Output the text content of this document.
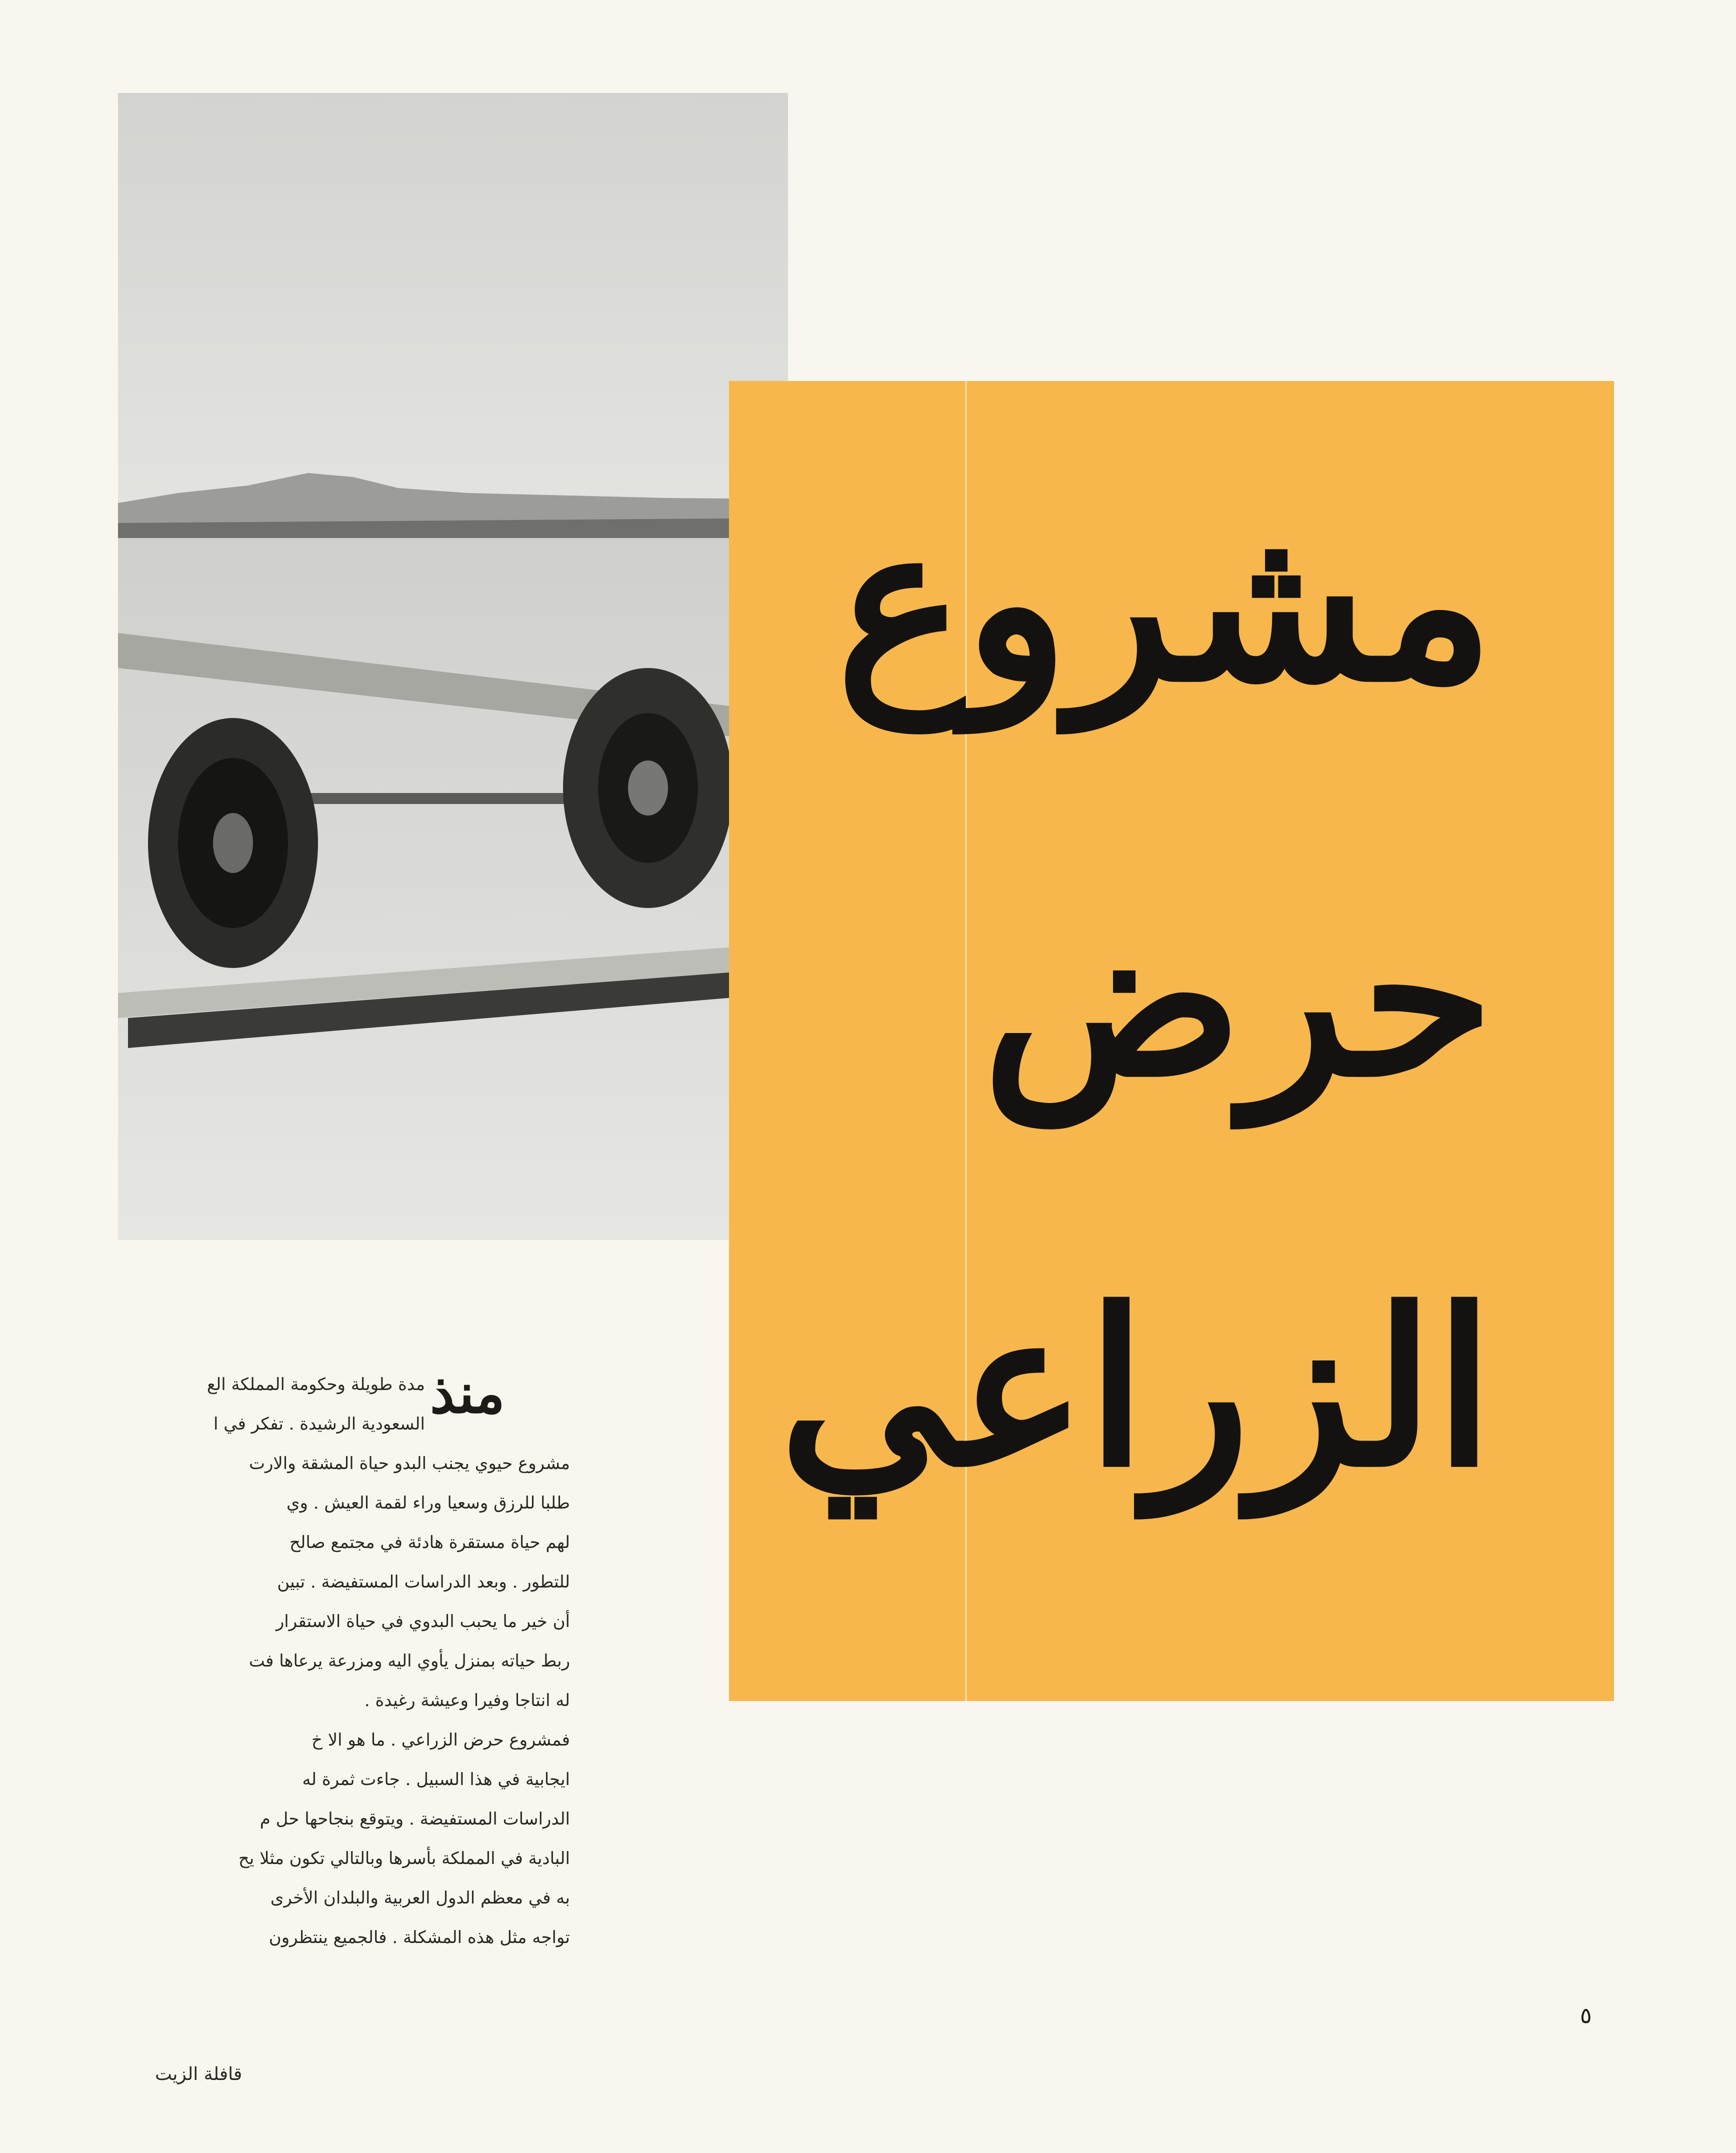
مشروع
حرض
الزراعي
منذ
مدة طويلة وحكومة المملكة الع
السعودية الرشيدة . تفكر في ا
مشروع حيوي يجنب البدو حياة المشقة والارت
طلبا للرزق وسعيا وراء لقمة العيش . وي
لهم حياة مستقرة هادئة في مجتمع صالح
للتطور . وبعد الدراسات المستفيضة . تبين
أن خير ما يحبب البدوي في حياة الاستقرار
ربط حياته بمنزل يأوي اليه ومزرعة يرعاها فت
له انتاجا وفيرا وعيشة رغيدة .
فمشروع حرض الزراعي . ما هو الا خ
ايجابية في هذا السبيل . جاءت ثمرة له
الدراسات المستفيضة . ويتوقع بنجاحها حل م
البادية في المملكة بأسرها وبالتالي تكون مثلا يح
به في معظم الدول العربية والبلدان الأخرى
تواجه مثل هذه المشكلة . فالجميع ينتظرون
٥
قافلة الزيت
